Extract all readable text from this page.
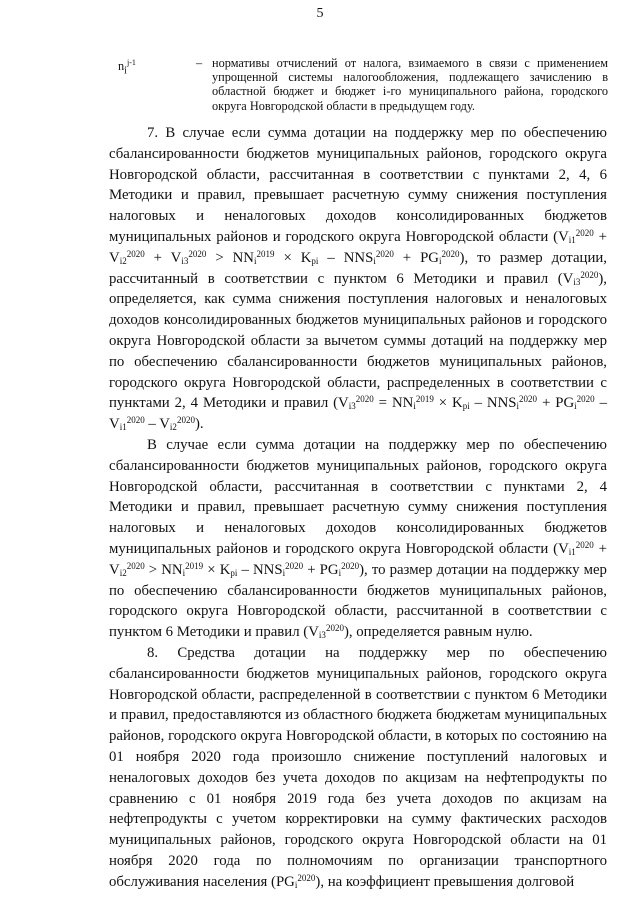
5
$n_i^{j-1}$	– нормативы отчислений от налога, взимаемого в связи с применением упрощенной системы налогообложения, подлежащего зачислению в областной бюджет и бюджет i-го муниципального района, городского округа Новгородской области в предыдущем году.

7. В случае если сумма дотации на поддержку мер по обеспечению сбалансированности бюджетов муниципальных районов, городского округа Новгородской области, рассчитанная в соответствии с пунктами 2, 4, 6 Методики и правил, превышает расчетную сумму снижения поступления налоговых и неналоговых доходов консолидированных бюджетов муниципальных районов и городского округа Новгородской области $(V_{i1}^{2020} + V_{i2}^{2020} + V_{i3}^{2020} > NN_i^{2019} \times K_{pi} - NNS_i^{2020} + PG_i^{2020})$, то размер дотации, рассчитанный в соответствии с пунктом 6 Методики и правил $(V_{i3}^{2020})$, определяется, как сумма снижения поступления налоговых и неналоговых доходов консолидированных бюджетов муниципальных районов и городского округа Новгородской области за вычетом суммы дотаций на поддержку мер по обеспечению сбалансированности бюджетов муниципальных районов, городского округа Новгородской области, распределенных в соответствии с пунктами 2, 4 Методики и правил $(V_{i3}^{2020} = NN_i^{2019} \times K_{pi} - NNS_i^{2020} + PG_i^{2020} - V_{i1}^{2020} - V_{i2}^{2020})$.

В случае если сумма дотации на поддержку мер по обеспечению сбалансированности бюджетов муниципальных районов, городского округа Новгородской области, рассчитанная в соответствии с пунктами 2, 4 Методики и правил, превышает расчетную сумму снижения поступления налоговых и неналоговых доходов консолидированных бюджетов муниципальных районов и городского округа Новгородской области $(V_{i1}^{2020} + V_{i2}^{2020} > NN_i^{2019} \times K_{pi} - NNS_i^{2020} + PG_i^{2020})$, то размер дотации на поддержку мер по обеспечению сбалансированности бюджетов муниципальных районов, городского округа Новгородской области, рассчитанной в соответствии с пунктом 6 Методики и правил $(V_{i3}^{2020})$, определяется равным нулю.

8. Средства дотации на поддержку мер по обеспечению сбалансированности бюджетов муниципальных районов, городского округа Новгородской области, распределенной в соответствии с пунктом 6 Методики и правил, предоставляются из областного бюджета бюджетам муниципальных районов, городского округа Новгородской области, в которых по состоянию на 01 ноября 2020 года произошло снижение поступлений налоговых и неналоговых доходов без учета доходов по акцизам на нефтепродукты по сравнению с 01 ноября 2019 года без учета доходов по акцизам на нефтепродукты с учетом корректировки на сумму фактических расходов муниципальных районов, городского округа Новгородской области на 01 ноября 2020 года по полномочиям по организации транспортного обслуживания населения $(PG_i^{2020})$, на коэффициент превышения долговой
